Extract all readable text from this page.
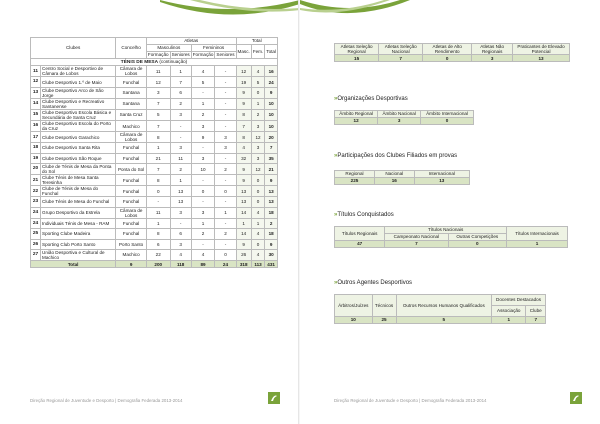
Clubes		Concelho	Atletas				Total		
			Masculinos		Femininos		Masc.	Fem.	Total
			Formação	Seniores	Formação	Seniores			
TÉNIS DE MESA (continuação)									
11	Centro Social e Desportivo de Câmara de Lobos	Câmara de Lobos	11	1	4	-	12	4	16
12	Clube Desportivo 1.º de Maio	Funchal	12	7	5	-	19	5	24
13	Clube Desportivo Arco de São Jorge	Santana	3	6	-	-	9	0	9
14	Clube Desportivo e Recreativo Santanense	Santana	7	2	1	-	9	1	10
15	Clube Desportivo Escola Básica e Secundária de Santa Cruz	Santa Cruz	5	3	2	-	8	2	10
16	Clube Desportivo Escola do Porto da Cruz	Machico	7	-	3	-	7	3	10
17	Clube Desportivo Garachico	Câmara de Lobos	8	-	9	3	8	12	20
18	Clube Desportivo Santa Rita	Funchal	1	3	-	3	4	3	7
19	Clube Desportivo São Roque	Funchal	21	11	3	-	32	3	35
20	Clube de Ténis de Mesa da Ponta do Sol	Ponta do Sol	7	2	10	2	9	12	21
21	Clube Ténis de Mesa Santa Teresinha	Funchal	8	1	-	-	9	0	9
22	Clube de Ténis de Mesa do Funchal	Funchal	0	13	0	0	13	0	13
23	Clube Ténis de Mesa do Funchal	Funchal	-	13	-	-	13	0	13
24	Grupo Desportivo da Estrela	Câmara de Lobos	11	3	3	1	14	4	18
24	Individuais Ténis de Mesa - RAM	Funchal	1	-	1	-	1	1	2
25	Sporting Clube Madeira	Funchal	8	6	2	2	14	4	18
26	Sporting Club Porto Santo	Porto Santo	6	3	-	-	9	0	9
27	União Desportiva e Cultural de Machico	Machico	22	4	4	0	26	4	30
Total		9	200	118	89	24	318	113	431
Direção Regional de Juventude e Desporto | Demografia Federada 2013-2014
Atletas Seleção Regional	Atletas Seleção Nacional	Atletas de Alto Rendimento	Atletas Não Regionais	Praticantes de Elevado Potencial
15	7	0	3	13
»Organizações Desportivas
Âmbito Regional	Âmbito Nacional	Âmbito Internacional
12	3	0
»Participações dos Clubes Filiados em provas
Regional	Nacional	Internacional
225	16	13
»Títulos Conquistados
Títulos Regionais	Títulos Nacionais		Títulos Internacionais
	Campeonato Nacional	Outras Competições	
47	7	0	1
»Outros Agentes Desportivos
Árbitros/Juízes	Técnicos	Outros Recursos Humanos Qualificados	Docentes Destacados	
			Associação	Clube
10	25	5	1	7
Direção Regional de Juventude e Desporto | Demografia Federada 2013-2014
